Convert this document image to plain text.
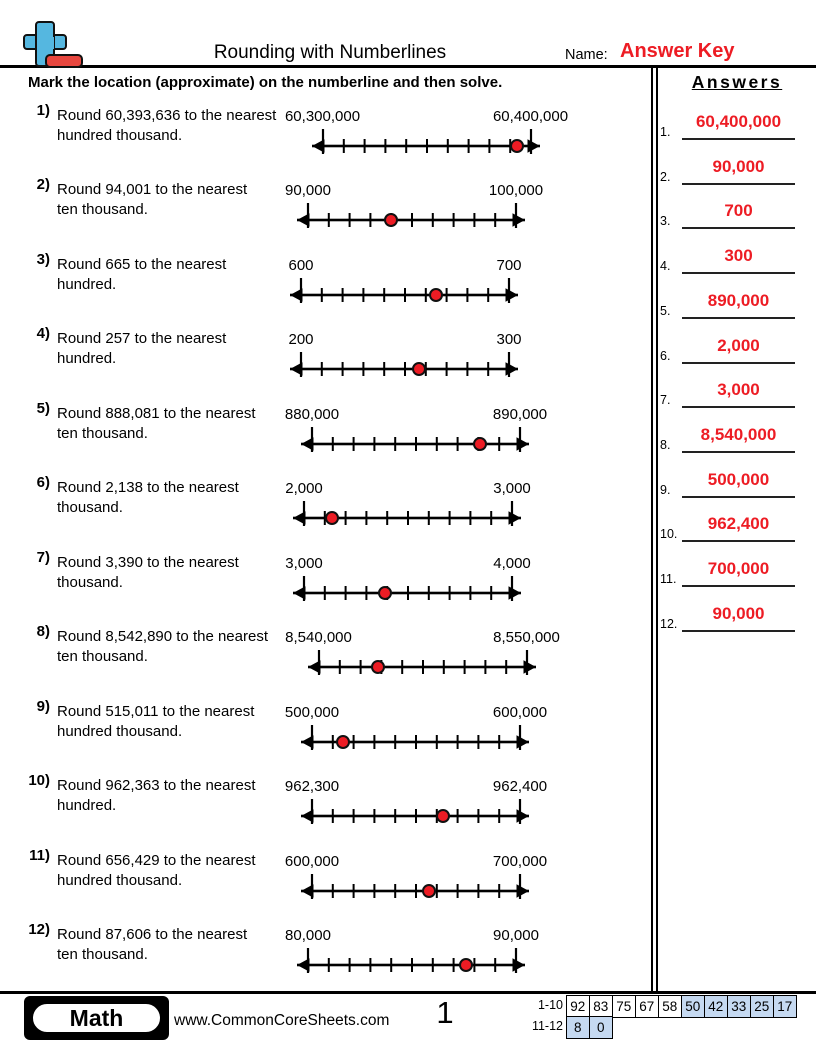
Rounding with Numberlines	Name: Answer Key
Mark the location (approximate) on the numberline and then solve.
1) Round 60,393,636 to the nearest
hundred thousand.
60,300,000	60,400,000
2) Round 94,001 to the nearest
ten thousand.
90,000	100,000
3) Round 665 to the nearest
hundred.
600	700
4) Round 257 to the nearest
hundred.
200	300
5) Round 888,081 to the nearest
ten thousand.
880,000	890,000
6) Round 2,138 to the nearest
thousand.
2,000	3,000
7) Round 3,390 to the nearest
thousand.
3,000	4,000
8) Round 8,542,890 to the nearest
ten thousand.
8,540,000	8,550,000
9) Round 515,011 to the nearest
hundred thousand.
500,000	600,000
10) Round 962,363 to the nearest
hundred.
962,300	962,400
11) Round 656,429 to the nearest
hundred thousand.
600,000	700,000
12) Round 87,606 to the nearest
ten thousand.
80,000	90,000
Answers
1.
60,400,000
2.
90,000
3.
700
4.
300
5.
890,000
6.
2,000
7.
3,000
8.
8,540,000
9.
500,000
10.
962,400
11.
700,000
12.
90,000
Math	www.CommonCoreSheets.com	1	1-10 92 83 75 67 58 50 42 33 25 17
11-12 8	0
